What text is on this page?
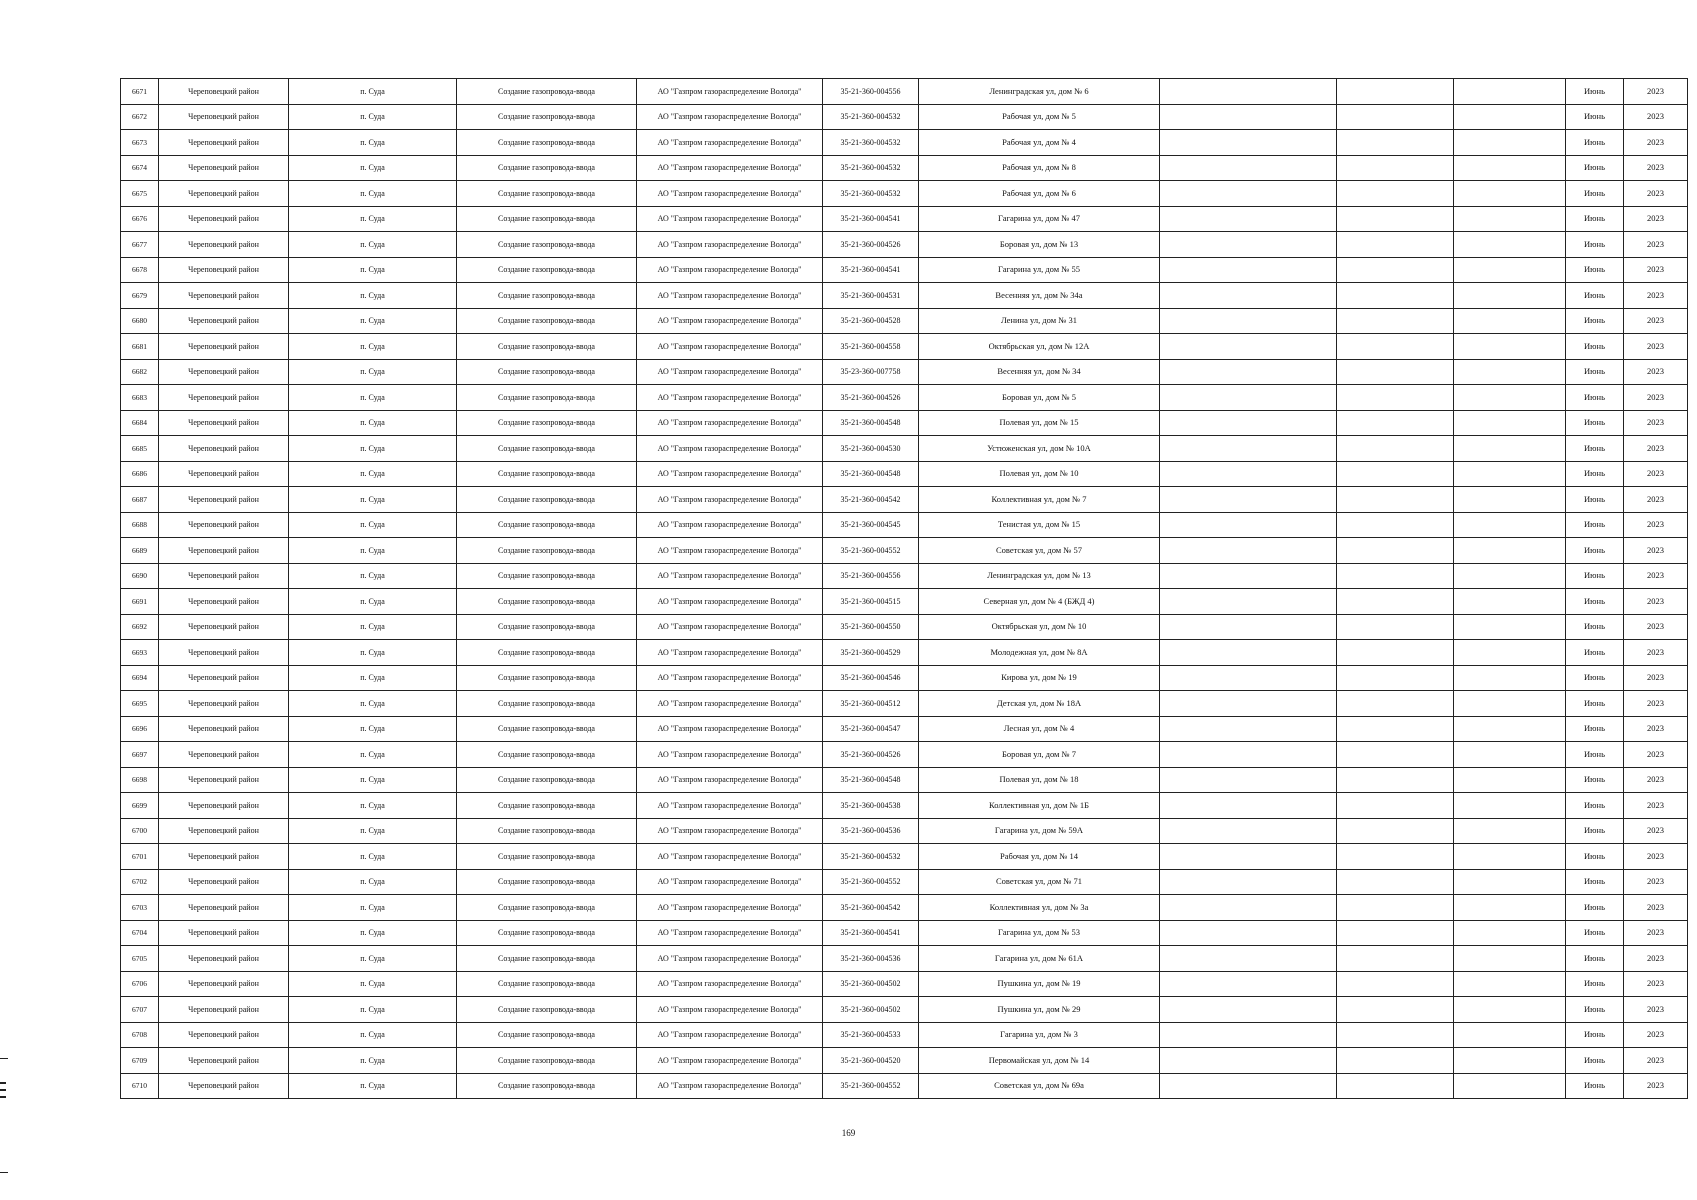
6671	Череповецкий район	п. Суда	Создание газопровода-ввода	АО "Газпром газораспределение Вологда"	35-21-360-004556	Ленинградская ул, дом № 6				Июнь	2023
6672	Череповецкий район	п. Суда	Создание газопровода-ввода	АО "Газпром газораспределение Вологда"	35-21-360-004532	Рабочая ул, дом № 5				Июнь	2023
6673	Череповецкий район	п. Суда	Создание газопровода-ввода	АО "Газпром газораспределение Вологда"	35-21-360-004532	Рабочая ул, дом № 4				Июнь	2023
6674	Череповецкий район	п. Суда	Создание газопровода-ввода	АО "Газпром газораспределение Вологда"	35-21-360-004532	Рабочая ул, дом № 8				Июнь	2023
6675	Череповецкий район	п. Суда	Создание газопровода-ввода	АО "Газпром газораспределение Вологда"	35-21-360-004532	Рабочая ул, дом № 6				Июнь	2023
6676	Череповецкий район	п. Суда	Создание газопровода-ввода	АО "Газпром газораспределение Вологда"	35-21-360-004541	Гагарина ул, дом № 47				Июнь	2023
6677	Череповецкий район	п. Суда	Создание газопровода-ввода	АО "Газпром газораспределение Вологда"	35-21-360-004526	Боровая ул, дом № 13				Июнь	2023
6678	Череповецкий район	п. Суда	Создание газопровода-ввода	АО "Газпром газораспределение Вологда"	35-21-360-004541	Гагарина ул, дом № 55				Июнь	2023
6679	Череповецкий район	п. Суда	Создание газопровода-ввода	АО "Газпром газораспределение Вологда"	35-21-360-004531	Весенняя ул, дом № 34а				Июнь	2023
6680	Череповецкий район	п. Суда	Создание газопровода-ввода	АО "Газпром газораспределение Вологда"	35-21-360-004528	Ленина ул, дом № 31				Июнь	2023
6681	Череповецкий район	п. Суда	Создание газопровода-ввода	АО "Газпром газораспределение Вологда"	35-21-360-004558	Октябрьская ул, дом № 12А				Июнь	2023
6682	Череповецкий район	п. Суда	Создание газопровода-ввода	АО "Газпром газораспределение Вологда"	35-23-360-007758	Весенняя ул, дом № 34				Июнь	2023
6683	Череповецкий район	п. Суда	Создание газопровода-ввода	АО "Газпром газораспределение Вологда"	35-21-360-004526	Боровая ул, дом № 5				Июнь	2023
6684	Череповецкий район	п. Суда	Создание газопровода-ввода	АО "Газпром газораспределение Вологда"	35-21-360-004548	Полевая ул, дом № 15				Июнь	2023
6685	Череповецкий район	п. Суда	Создание газопровода-ввода	АО "Газпром газораспределение Вологда"	35-21-360-004530	Устюженская ул, дом № 10А				Июнь	2023
6686	Череповецкий район	п. Суда	Создание газопровода-ввода	АО "Газпром газораспределение Вологда"	35-21-360-004548	Полевая ул, дом № 10				Июнь	2023
6687	Череповецкий район	п. Суда	Создание газопровода-ввода	АО "Газпром газораспределение Вологда"	35-21-360-004542	Коллективная ул, дом № 7				Июнь	2023
6688	Череповецкий район	п. Суда	Создание газопровода-ввода	АО "Газпром газораспределение Вологда"	35-21-360-004545	Тенистая ул, дом № 15				Июнь	2023
6689	Череповецкий район	п. Суда	Создание газопровода-ввода	АО "Газпром газораспределение Вологда"	35-21-360-004552	Советская ул, дом № 57				Июнь	2023
6690	Череповецкий район	п. Суда	Создание газопровода-ввода	АО "Газпром газораспределение Вологда"	35-21-360-004556	Ленинградская ул, дом № 13				Июнь	2023
6691	Череповецкий район	п. Суда	Создание газопровода-ввода	АО "Газпром газораспределение Вологда"	35-21-360-004515	Северная ул, дом № 4 (БЖД 4)				Июнь	2023
6692	Череповецкий район	п. Суда	Создание газопровода-ввода	АО "Газпром газораспределение Вологда"	35-21-360-004550	Октябрьская ул, дом № 10				Июнь	2023
6693	Череповецкий район	п. Суда	Создание газопровода-ввода	АО "Газпром газораспределение Вологда"	35-21-360-004529	Молодежная ул, дом № 8А				Июнь	2023
6694	Череповецкий район	п. Суда	Создание газопровода-ввода	АО "Газпром газораспределение Вологда"	35-21-360-004546	Кирова ул, дом № 19				Июнь	2023
6695	Череповецкий район	п. Суда	Создание газопровода-ввода	АО "Газпром газораспределение Вологда"	35-21-360-004512	Детская ул, дом № 18А				Июнь	2023
6696	Череповецкий район	п. Суда	Создание газопровода-ввода	АО "Газпром газораспределение Вологда"	35-21-360-004547	Лесная ул, дом № 4				Июнь	2023
6697	Череповецкий район	п. Суда	Создание газопровода-ввода	АО "Газпром газораспределение Вологда"	35-21-360-004526	Боровая ул, дом № 7				Июнь	2023
6698	Череповецкий район	п. Суда	Создание газопровода-ввода	АО "Газпром газораспределение Вологда"	35-21-360-004548	Полевая ул, дом № 18				Июнь	2023
6699	Череповецкий район	п. Суда	Создание газопровода-ввода	АО "Газпром газораспределение Вологда"	35-21-360-004538	Коллективная ул, дом № 1Б				Июнь	2023
6700	Череповецкий район	п. Суда	Создание газопровода-ввода	АО "Газпром газораспределение Вологда"	35-21-360-004536	Гагарина ул, дом № 59А				Июнь	2023
6701	Череповецкий район	п. Суда	Создание газопровода-ввода	АО "Газпром газораспределение Вологда"	35-21-360-004532	Рабочая ул, дом № 14				Июнь	2023
6702	Череповецкий район	п. Суда	Создание газопровода-ввода	АО "Газпром газораспределение Вологда"	35-21-360-004552	Советская ул, дом № 71				Июнь	2023
6703	Череповецкий район	п. Суда	Создание газопровода-ввода	АО "Газпром газораспределение Вологда"	35-21-360-004542	Коллективная ул, дом № 3а				Июнь	2023
6704	Череповецкий район	п. Суда	Создание газопровода-ввода	АО "Газпром газораспределение Вологда"	35-21-360-004541	Гагарина ул, дом № 53				Июнь	2023
6705	Череповецкий район	п. Суда	Создание газопровода-ввода	АО "Газпром газораспределение Вологда"	35-21-360-004536	Гагарина ул, дом № 61А				Июнь	2023
6706	Череповецкий район	п. Суда	Создание газопровода-ввода	АО "Газпром газораспределение Вологда"	35-21-360-004502	Пушкина ул, дом № 19				Июнь	2023
6707	Череповецкий район	п. Суда	Создание газопровода-ввода	АО "Газпром газораспределение Вологда"	35-21-360-004502	Пушкина ул, дом № 29				Июнь	2023
6708	Череповецкий район	п. Суда	Создание газопровода-ввода	АО "Газпром газораспределение Вологда"	35-21-360-004533	Гагарина ул, дом № 3				Июнь	2023
6709	Череповецкий район	п. Суда	Создание газопровода-ввода	АО "Газпром газораспределение Вологда"	35-21-360-004520	Первомайская ул, дом № 14				Июнь	2023
6710	Череповецкий район	п. Суда	Создание газопровода-ввода	АО "Газпром газораспределение Вологда"	35-21-360-004552	Советская ул, дом № 69а				Июнь	2023
169
